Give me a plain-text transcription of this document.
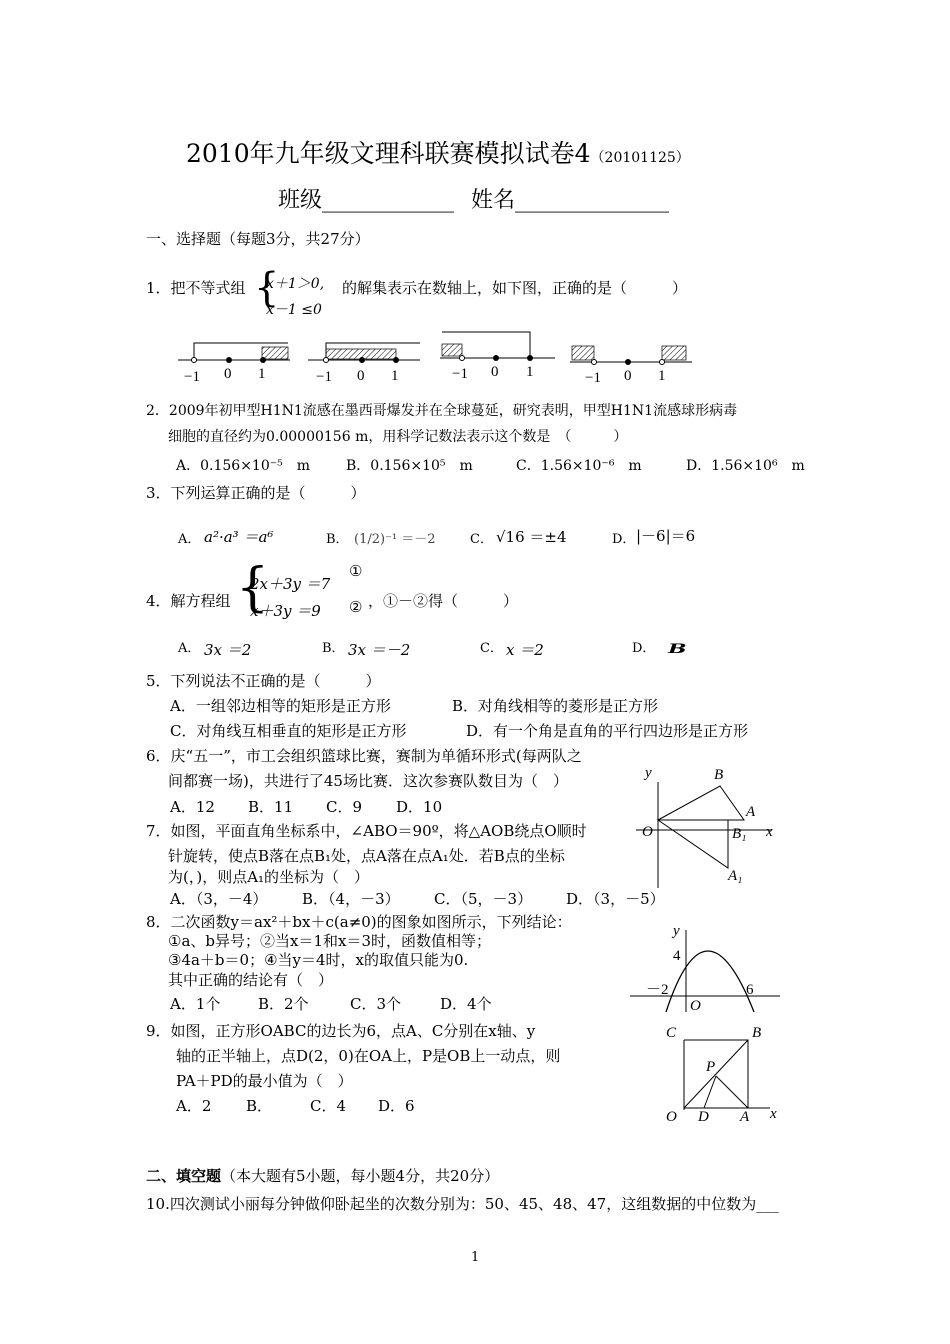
2010年九年级文理科联赛模拟试卷4（20101125）
班级____________ 姓名______________
一、选择题（每题3分，共27分）
1．把不等式组 {
x＋1＞0,
x－1 ≤0
的解集表示在数轴上，如下图，正确的是（　　　）
−1 0 1	−1 0 1	−1 0 1	−1 0 1
2．2009年初甲型H1N1流感在墨西哥爆发并在全球蔓延，研究表明，甲型H1N1流感球形病毒
细胞的直径约为0.00000156 m，用科学记数法表示这个数是　（　　　）
A．0.156×10⁻⁵　m	B．0.156×10⁵　m	C．1.56×10⁻⁶　m	D．1.56×10⁶　m
3．下列运算正确的是（　　　）
A． a²·a³ ＝a⁶	B． (1/2)⁻¹ ＝－2	C． √16 ＝±4	D． |－6|＝6
4．解方程组 {
2x＋3y ＝7
x＋3y ＝9
①
② ，①－②得（　　　）
A． 3x ＝2	B． 3x ＝－2	C． x ＝2	D． B
5．下列说法不正确的是（　　　）
A．一组邻边相等的矩形是正方形	B．对角线相等的菱形是正方形
C．对角线互相垂直的矩形是正方形	D．有一个角是直角的平行四边形是正方形
6．庆“五一”，市工会组织篮球比赛，赛制为单循环形式(每两队之
间都赛一场)，共进行了45场比赛．这次参赛队数目为（　）
A．12 B．11 C．9 D．10
7．如图，平面直角坐标系中，∠ABO＝90º，将△AOB绕点O顺时
针旋转，使点B落在点B₁处，点A落在点A₁处．若B点的坐标
为(，)，则点A₁的坐标为（　）
A．（3，－4） B．（4，－3） C．（5，－3） D．（3，－5）
y
x
O
B
A
B₁
A₁
8．二次函数y＝ax²＋bx＋c(a≠0)的图象如图所示，下列结论：
①a、b异号；②当x＝1和x＝3时，函数值相等；
③4a＋b＝0；④当y＝4时，x的取值只能为0.
其中正确的结论有（　）
A．1个	B．2个	C．3个	D．4个
y
4
－2	6
O
9．如图，正方形OABC的边长为6，点A、C分别在x轴、y
轴的正半轴上，点D(2，0)在OA上，P是OB上一动点，则
PA＋PD的最小值为（　）
A．2 B．	C．4 D．6
C	B
P
O D A x
二、填空题（本大题有5小题，每小题4分，共20分）
10.四次测试小丽每分钟做仰卧起坐的次数分别为：50、45、48、47，这组数据的中位数为___
1
